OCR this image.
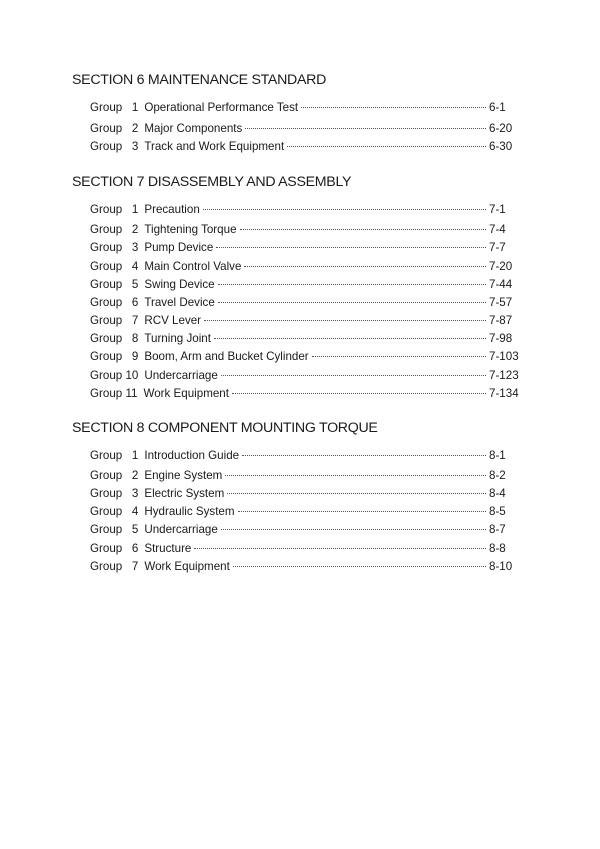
SECTION 6 MAINTENANCE STANDARD
Group   1 Operational Performance Test	6-1
Group   2 Major Components	6-20
Group   3 Track and Work Equipment	6-30
SECTION 7 DISASSEMBLY AND ASSEMBLY
Group   1 Precaution	7-1
Group   2 Tightening Torque	7-4
Group   3 Pump Device	7-7
Group   4 Main Control Valve	7-20
Group   5 Swing Device	7-44
Group   6 Travel Device	7-57
Group   7 RCV Lever	7-87
Group   8 Turning Joint	7-98
Group   9 Boom, Arm and Bucket Cylinder	7-103
Group 10 Undercarriage	7-123
Group 11 Work Equipment	7-134
SECTION 8 COMPONENT MOUNTING TORQUE
Group   1 Introduction Guide	8-1
Group   2 Engine System	8-2
Group   3 Electric System	8-4
Group   4 Hydraulic System	8-5
Group   5 Undercarriage	8-7
Group   6 Structure	8-8
Group   7 Work Equipment	8-10
